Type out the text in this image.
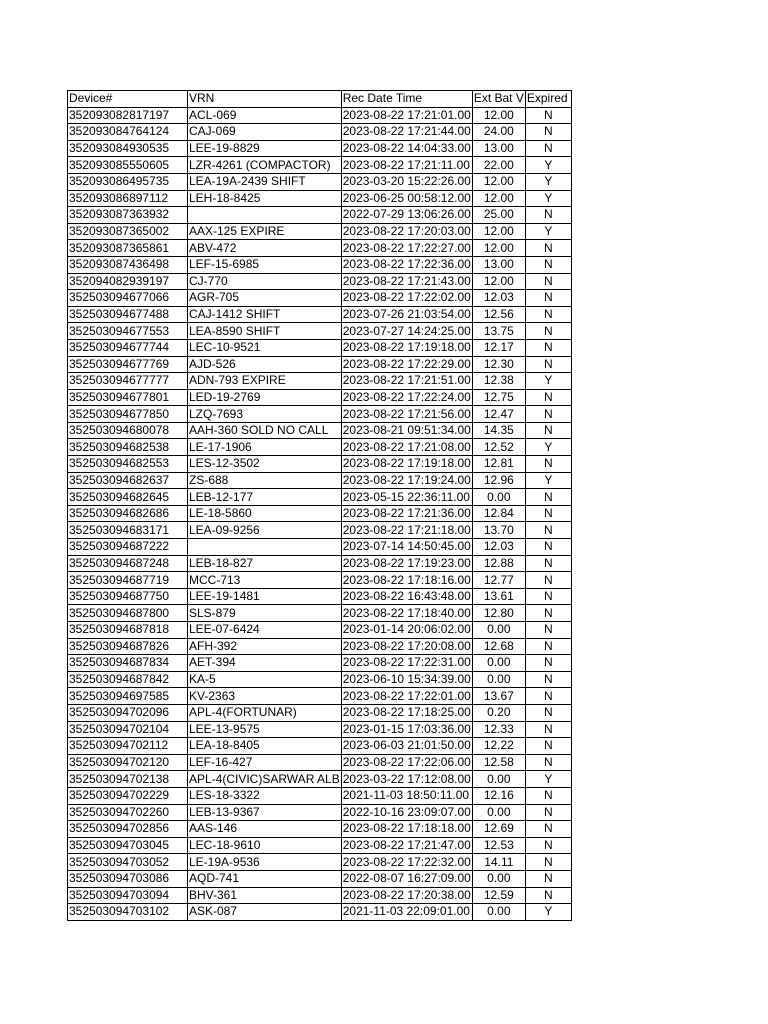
Device#	VRN	Rec Date Time	Ext Bat V	Expired
352093082817197	ACL-069	2023-08-22 17:21:01.00	12.00	N
352093084764124	CAJ-069	2023-08-22 17:21:44.00	24.00	N
352093084930535	LEE-19-8829	2023-08-22 14:04:33.00	13.00	N
352093085550605	LZR-4261 (COMPACTOR)	2023-08-22 17:21:11.00	22.00	Y
352093086495735	LEA-19A-2439 SHIFT	2023-03-20 15:22:26.00	12.00	Y
352093086897112	LEH-18-8425	2023-06-25 00:58:12.00	12.00	Y
352093087363932		2022-07-29 13:06:26.00	25.00	N
352093087365002	AAX-125 EXPIRE	2023-08-22 17:20:03.00	12.00	Y
352093087365861	ABV-472	2023-08-22 17:22:27.00	12.00	N
352093087436498	LEF-15-6985	2023-08-22 17:22:36.00	13.00	N
352094082939197	CJ-770	2023-08-22 17:21:43.00	12.00	N
352503094677066	AGR-705	2023-08-22 17:22:02.00	12.03	N
352503094677488	CAJ-1412 SHIFT	2023-07-26 21:03:54.00	12.56	N
352503094677553	LEA-8590 SHIFT	2023-07-27 14:24:25.00	13.75	N
352503094677744	LEC-10-9521	2023-08-22 17:19:18.00	12.17	N
352503094677769	AJD-526	2023-08-22 17:22:29.00	12.30	N
352503094677777	ADN-793 EXPIRE	2023-08-22 17:21:51.00	12.38	Y
352503094677801	LED-19-2769	2023-08-22 17:22:24.00	12.75	N
352503094677850	LZQ-7693	2023-08-22 17:21:56.00	12.47	N
352503094680078	AAH-360 SOLD NO CALL	2023-08-21 09:51:34.00	14.35	N
352503094682538	LE-17-1906	2023-08-22 17:21:08.00	12.52	Y
352503094682553	LES-12-3502	2023-08-22 17:19:18.00	12.81	N
352503094682637	ZS-688	2023-08-22 17:19:24.00	12.96	Y
352503094682645	LEB-12-177	2023-05-15 22:36:11.00	0.00	N
352503094682686	LE-18-5860	2023-08-22 17:21:36.00	12.84	N
352503094683171	LEA-09-9256	2023-08-22 17:21:18.00	13.70	N
352503094687222		2023-07-14 14:50:45.00	12.03	N
352503094687248	LEB-18-827	2023-08-22 17:19:23.00	12.88	N
352503094687719	MCC-713	2023-08-22 17:18:16.00	12.77	N
352503094687750	LEE-19-1481	2023-08-22 16:43:48.00	13.61	N
352503094687800	SLS-879	2023-08-22 17:18:40.00	12.80	N
352503094687818	LEE-07-6424	2023-01-14 20:06:02.00	0.00	N
352503094687826	AFH-392	2023-08-22 17:20:08.00	12.68	N
352503094687834	AET-394	2023-08-22 17:22:31.00	0.00	N
352503094687842	KA-5	2023-06-10 15:34:39.00	0.00	N
352503094697585	KV-2363	2023-08-22 17:22:01.00	13.67	N
352503094702096	APL-4(FORTUNAR)	2023-08-22 17:18:25.00	0.20	N
352503094702104	LEE-13-9575	2023-01-15 17:03:36.00	12.33	N
352503094702112	LEA-18-8405	2023-06-03 21:01:50.00	12.22	N
352503094702120	LEF-16-427	2023-08-22 17:22:06.00	12.58	N
352503094702138	APL-4(CIVIC)SARWAR ALB	2023-03-22 17:12:08.00	0.00	Y
352503094702229	LES-18-3322	2021-11-03 18:50:11.00	12.16	N
352503094702260	LEB-13-9367	2022-10-16 23:09:07.00	0.00	N
352503094702856	AAS-146	2023-08-22 17:18:18.00	12.69	N
352503094703045	LEC-18-9610	2023-08-22 17:21:47.00	12.53	N
352503094703052	LE-19A-9536	2023-08-22 17:22:32.00	14.11	N
352503094703086	AQD-741	2022-08-07 16:27:09.00	0.00	N
352503094703094	BHV-361	2023-08-22 17:20:38.00	12.59	N
352503094703102	ASK-087	2021-11-03 22:09:01.00	0.00	Y
